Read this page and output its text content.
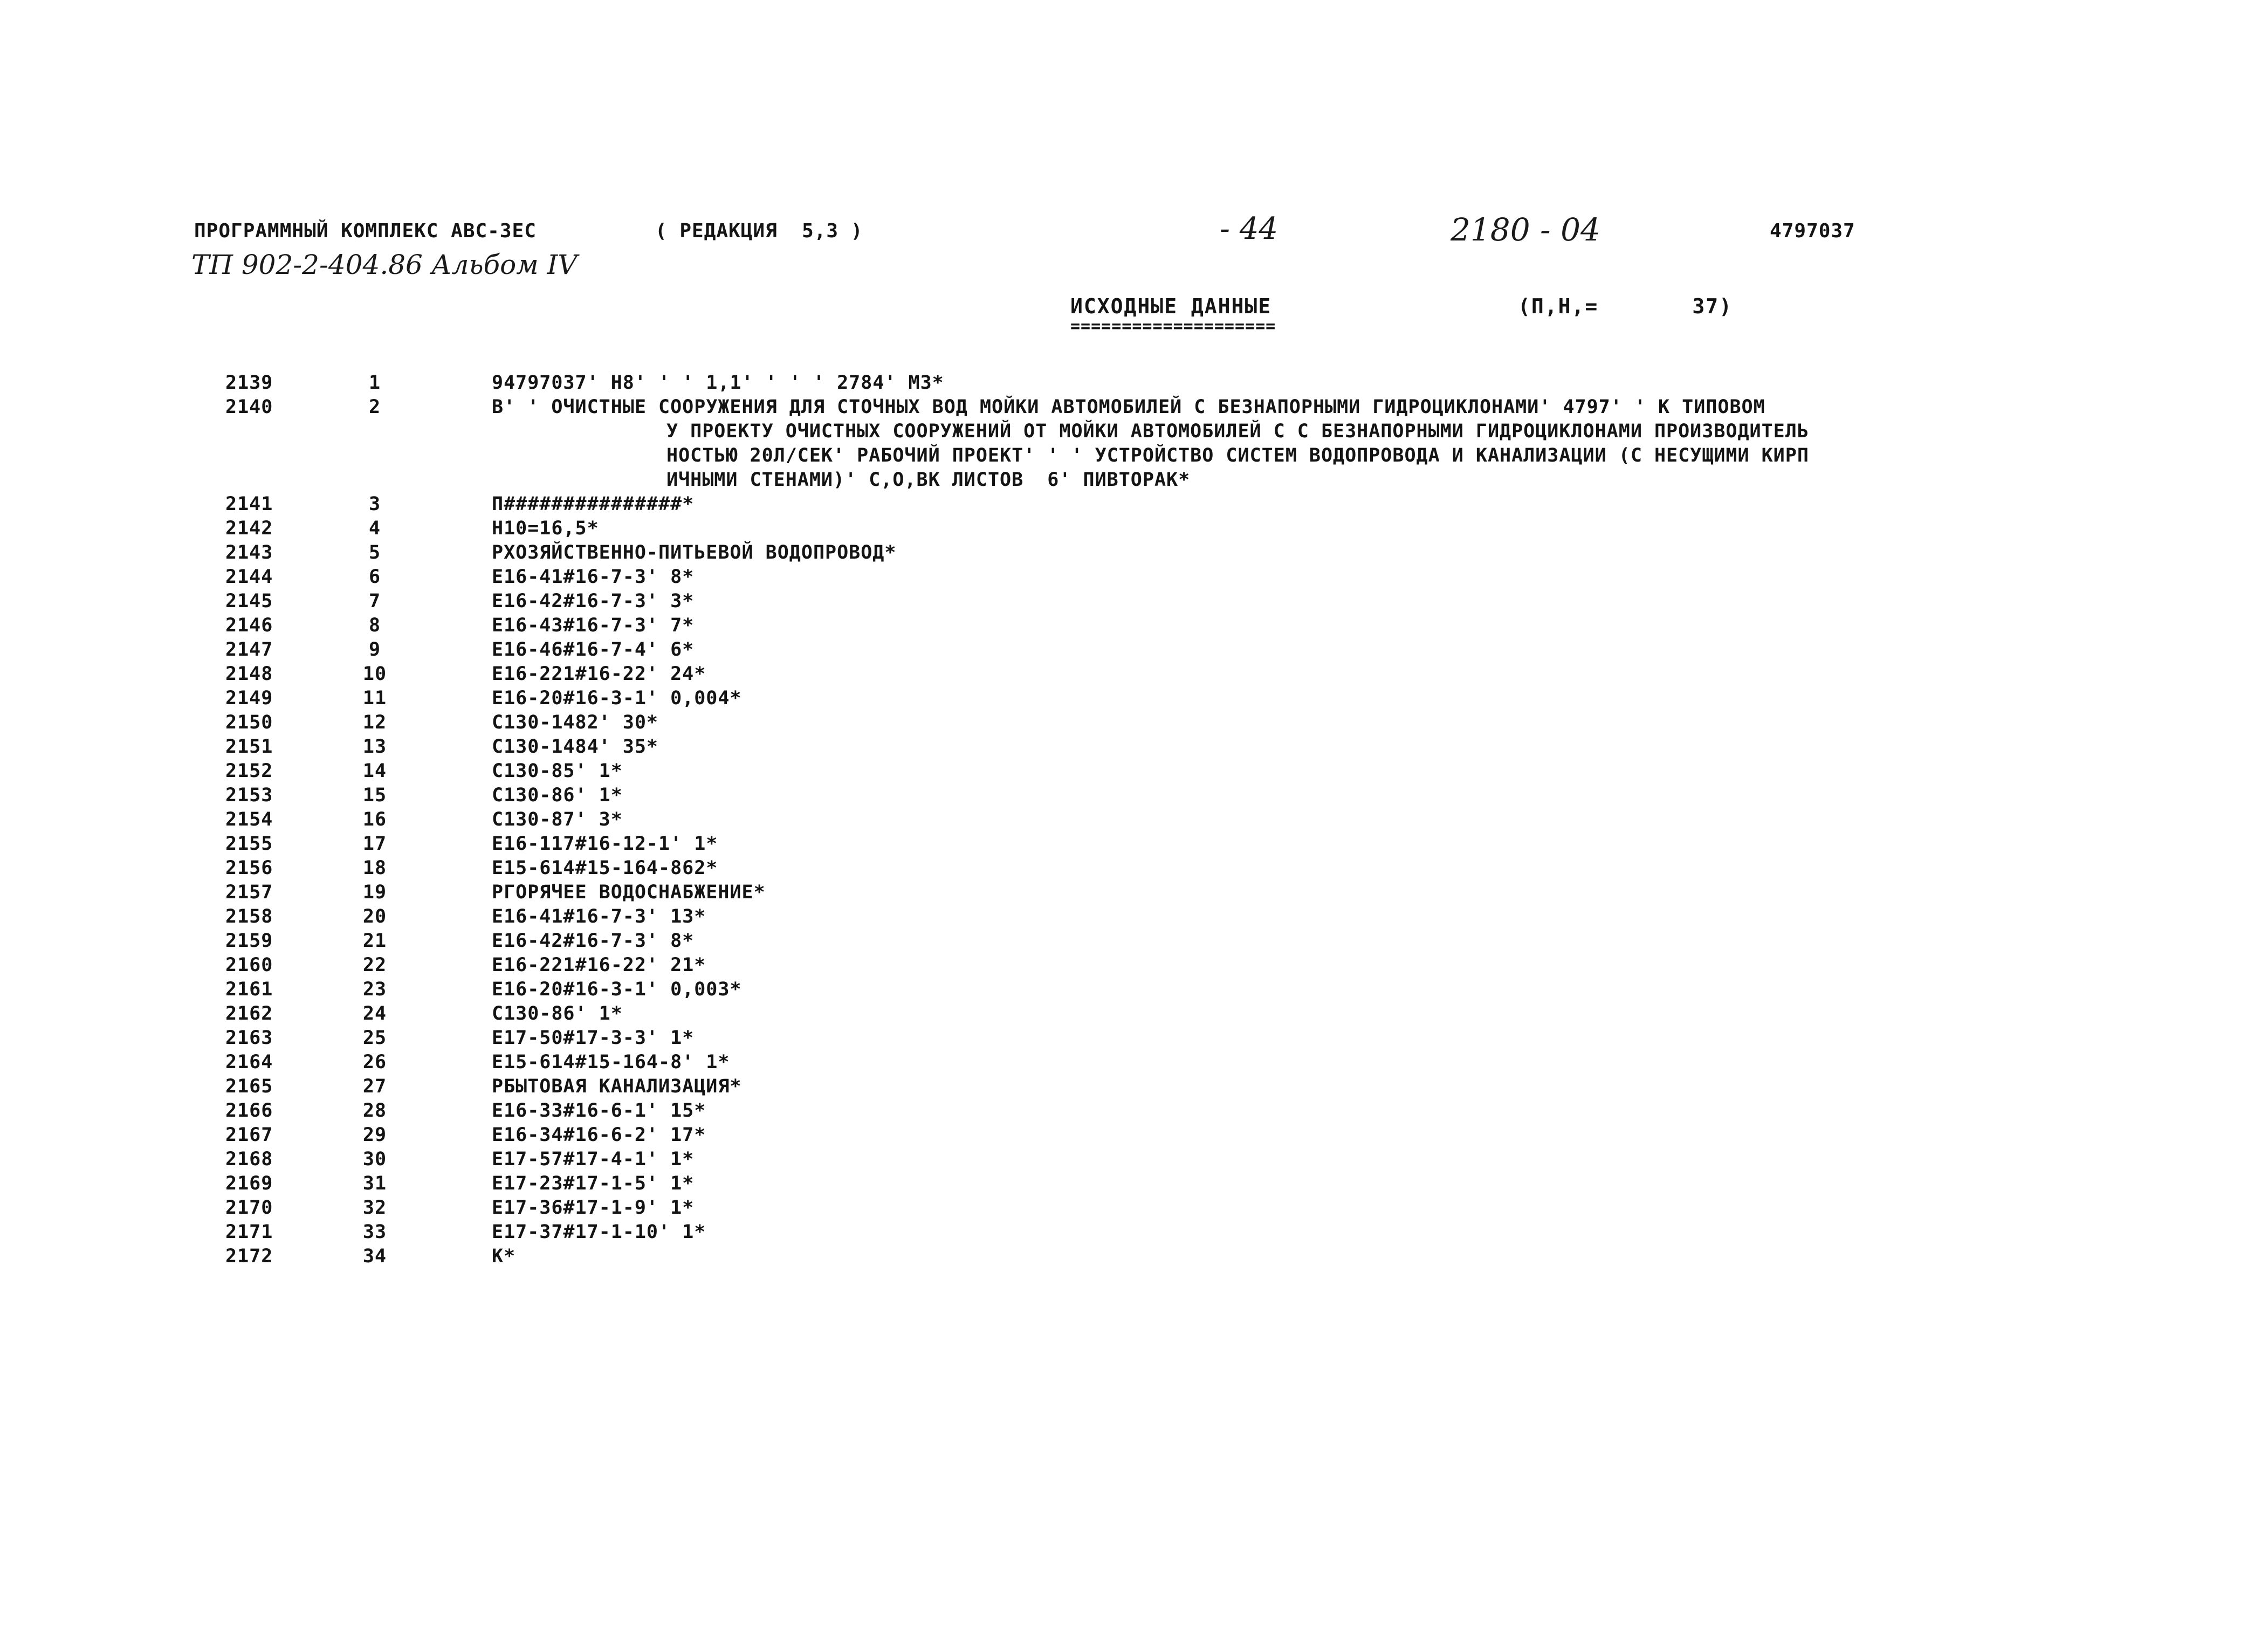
ПРОГРАММНЫЙ КОМПЛЕКС АВС-3ЕС	( РЕДАКЦИЯ  5,3 )	- 44	2180 - 04	4797037
ТП 902-2-404.86 Альбом IV
ИСХОДНЫЕ ДАННЫЕ
====================
(П,Н,=       37)
2139	1	94797037' Н8' ' ' 1,1' ' ' ' 2784' МЗ*
2140	2	В' ' ОЧИСТНЫЕ СООРУЖЕНИЯ ДЛЯ СТОЧНЫХ ВОД МОЙКИ АВТОМОБИЛЕЙ С БЕЗНАПОРНЫМИ ГИДРОЦИКЛОНАМИ' 4797' ' К ТИПОВОМ
У ПРОЕКТУ ОЧИСТНЫХ СООРУЖЕНИЙ ОТ МОЙКИ АВТОМОБИЛЕЙ С С БЕЗНАПОРНЫМИ ГИДРОЦИКЛОНАМИ ПРОИЗВОДИТЕЛЬ
НОСТЬЮ 20Л/СЕК' РАБОЧИЙ ПРОЕКТ' ' ' УСТРОЙСТВО СИСТЕМ ВОДОПРОВОДА И КАНАЛИЗАЦИИ (С НЕСУЩИМИ КИРП
ИЧНЫМИ СТЕНАМИ)' С,О,ВК ЛИСТОВ  6' ПИВТОРАК*
2141	3	П###############*
2142	4	Н10=16,5*
2143	5	РХОЗЯЙСТВЕННО-ПИТЬЕВОЙ ВОДОПРОВОД*
2144	6	Е16-41#16-7-3' 8*
2145	7	Е16-42#16-7-3' 3*
2146	8	Е16-43#16-7-3' 7*
2147	9	Е16-46#16-7-4' 6*
2148	10	Е16-221#16-22' 24*
2149	11	Е16-20#16-3-1' 0,004*
2150	12	С130-1482' 30*
2151	13	С130-1484' 35*
2152	14	С130-85' 1*
2153	15	С130-86' 1*
2154	16	С130-87' 3*
2155	17	Е16-117#16-12-1' 1*
2156	18	Е15-614#15-164-862*
2157	19	РГОРЯЧЕЕ ВОДОСНАБЖЕНИЕ*
2158	20	Е16-41#16-7-3' 13*
2159	21	Е16-42#16-7-3' 8*
2160	22	Е16-221#16-22' 21*
2161	23	Е16-20#16-3-1' 0,003*
2162	24	С130-86' 1*
2163	25	Е17-50#17-3-3' 1*
2164	26	Е15-614#15-164-8' 1*
2165	27	РБЫТОВАЯ КАНАЛИЗАЦИЯ*
2166	28	Е16-33#16-6-1' 15*
2167	29	Е16-34#16-6-2' 17*
2168	30	Е17-57#17-4-1' 1*
2169	31	Е17-23#17-1-5' 1*
2170	32	Е17-36#17-1-9' 1*
2171	33	Е17-37#17-1-10' 1*
2172	34	К*
